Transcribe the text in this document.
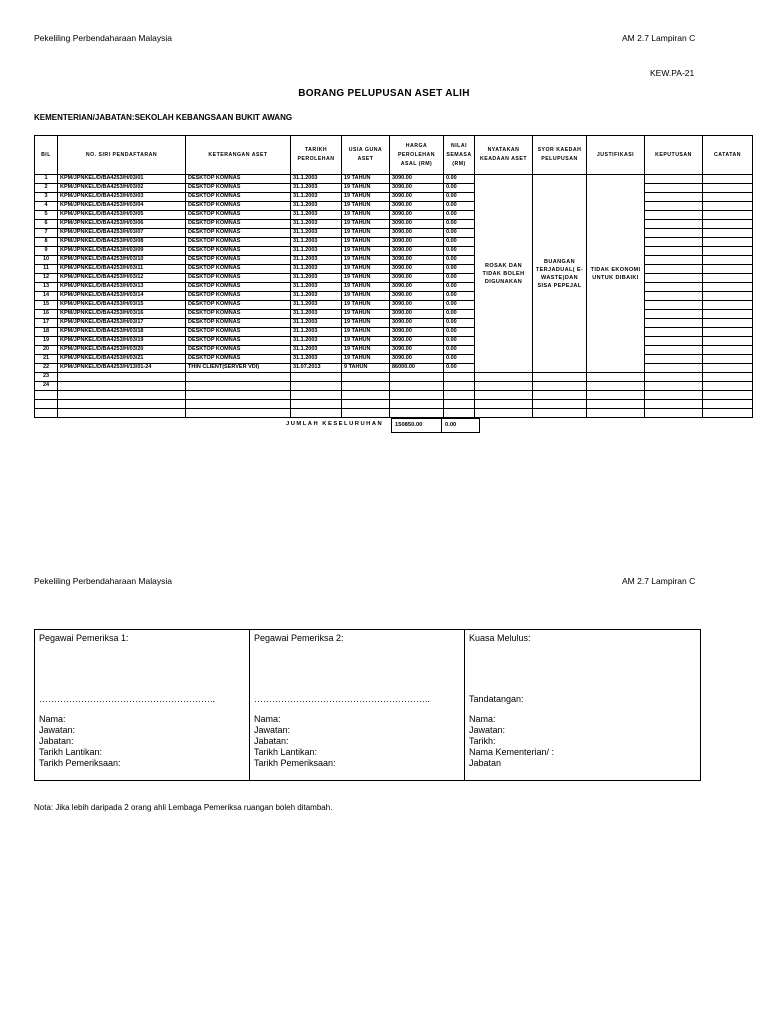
Pekeliling Perbendaharaan Malaysia	AM 2.7 Lampiran C
KEW.PA-21
BORANG PELUPUSAN ASET ALIH
KEMENTERIAN/JABATAN:SEKOLAH KEBANGSAAN BUKIT AWANG
BIL	NO. SIRI PENDAFTARAN	KETERANGAN ASET	TARIKH PEROLEHAN	USIA GUNA ASET	HARGA PEROLEHAN ASAL (RM)	NILAI SEMASA (RM)	NYATAKAN KEADAAN ASET	SYOR KAEDAH PELUPUSAN	JUSTIFIKASI	KEPUTUSAN	CATATAN
1	KPM/JPNKEL/D/BA4253/H/03/01	DESKTOP KOMNAS	31.1.2003	19 TAHUN	3090.00	0.00	ROSAK DAN TIDAK BOLEH DIGUNAKAN	BUANGAN TERJADUAL( E-WASTE)DAN SISA PEPEJAL	TIDAK EKONOMI UNTUK DIBAIKI		
2	KPM/JPNKEL/D/BA4253/H/03/02	DESKTOP KOMNAS	31.1.2003	19 TAHUN	3090.00	0.00					
3	KPM/JPNKEL/D/BA4253/H/03/03	DESKTOP KOMNAS	31.1.2003	19 TAHUN	3090.00	0.00					
4	KPM/JPNKEL/D/BA4253/H/03/04	DESKTOP KOMNAS	31.1.2003	19 TAHUN	3090.00	0.00					
5	KPM/JPNKEL/D/BA4253/H/03/05	DESKTOP KOMNAS	31.1.2003	19 TAHUN	3090.00	0.00					
6	KPM/JPNKEL/D/BA4253/H/03/06	DESKTOP KOMNAS	31.1.2003	19 TAHUN	3090.00	0.00					
7	KPM/JPNKEL/D/BA4253/H/03/07	DESKTOP KOMNAS	31.1.2003	19 TAHUN	3090.00	0.00					
8	KPM/JPNKEL/D/BA4253/H/03/08	DESKTOP KOMNAS	31.1.2003	19 TAHUN	3090.00	0.00					
9	KPM/JPNKEL/D/BA4253/H/03/09	DESKTOP KOMNAS	31.1.2003	19 TAHUN	3090.00	0.00					
10	KPM/JPNKEL/D/BA4253/H/03/10	DESKTOP KOMNAS	31.1.2003	19 TAHUN	3090.00	0.00					
11	KPM/JPNKEL/D/BA4253/H/03/11	DESKTOP KOMNAS	31.1.2003	19 TAHUN	3090.00	0.00					
12	KPM/JPNKEL/D/BA4253/H/03/12	DESKTOP KOMNAS	31.1.2003	19 TAHUN	3090.00	0.00					
13	KPM/JPNKEL/D/BA4253/H/03/13	DESKTOP KOMNAS	31.1.2003	19 TAHUN	3090.00	0.00					
14	KPM/JPNKEL/D/BA4253/H/03/14	DESKTOP KOMNAS	31.1.2003	19 TAHUN	3090.00	0.00					
15	KPM/JPNKEL/D/BA4253/H/03/15	DESKTOP KOMNAS	31.1.2003	19 TAHUN	3090.00	0.00					
16	KPM/JPNKEL/D/BA4253/H/03/16	DESKTOP KOMNAS	31.1.2003	19 TAHUN	3090.00	0.00					
17	KPM/JPNKEL/D/BA4253/H/03/17	DESKTOP KOMNAS	31.1.2003	19 TAHUN	3090.00	0.00					
18	KPM/JPNKEL/D/BA4253/H/03/18	DESKTOP KOMNAS	31.1.2003	19 TAHUN	3090.00	0.00					
19	KPM/JPNKEL/D/BA4253/H/03/19	DESKTOP KOMNAS	31.1.2003	19 TAHUN	3090.00	0.00					
20	KPM/JPNKEL/D/BA4253/H/03/20	DESKTOP KOMNAS	31.1.2003	19 TAHUN	3090.00	0.00					
21	KPM/JPNKEL/D/BA4253/H/03/21	DESKTOP KOMNAS	31.1.2003	19 TAHUN	3090.00	0.00					
22	KPM/JPNKEL/D/BA4253/H/13/01-24	THIN CLIENT(SERVER VDI)	31.07.2013	9 TAHUN	86000.00	0.00					
23											
24											

JUMLAH KESELURUHAN	150850.00	0.00
Pekeliling Perbendaharaan Malaysia	AM 2.7 Lampiran C
Pegawai Pemeriksa 1:
…………………………………………………..
Nama:
Jawatan:
Jabatan:
Tarikh Lantikan:
Tarikh Pemeriksaan:

Pegawai Pemeriksa 2:
…………………………………………………..
Nama:
Jawatan:
Jabatan:
Tarikh Lantikan:
Tarikh Pemeriksaan:

Kuasa Melulus:
Tandatangan:
Nama:
Jawatan:
Tarikh:
Nama Kementerian/ :
Jabatan
Nota: Jika lebih daripada 2 orang ahli Lembaga Pemeriksa ruangan boleh ditambah.
